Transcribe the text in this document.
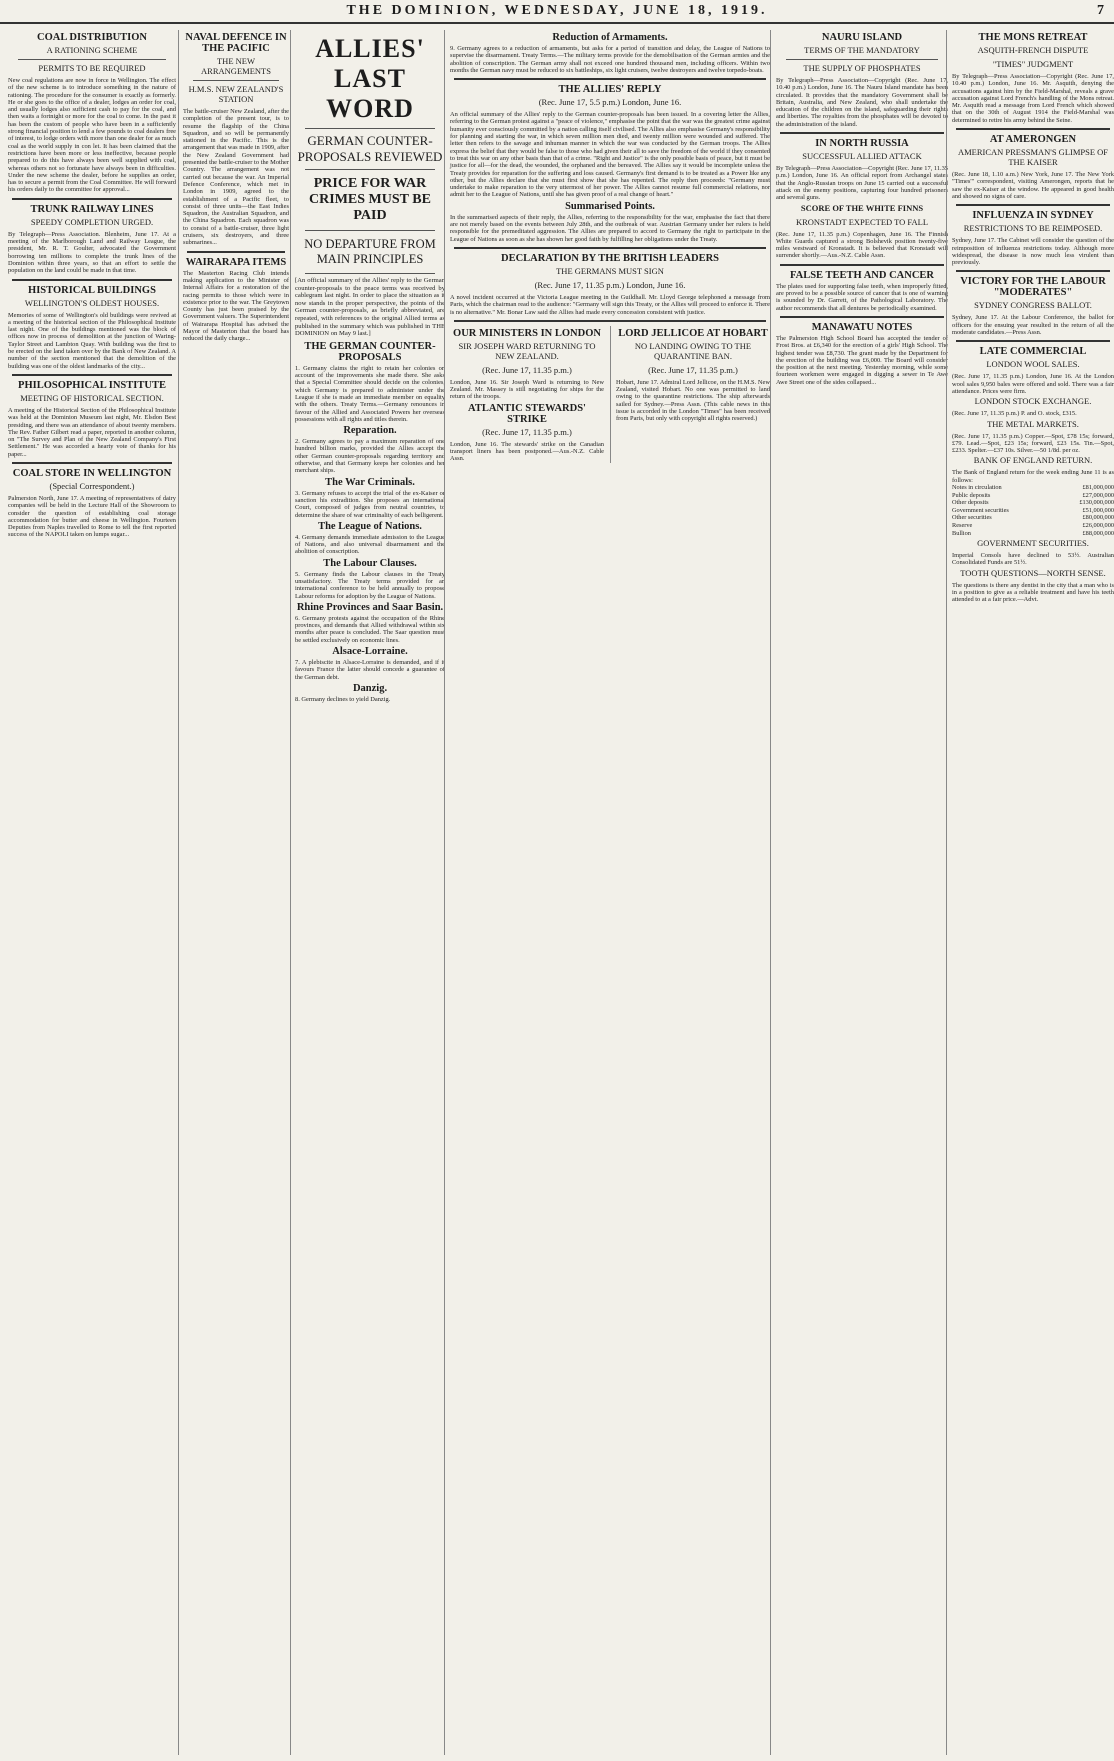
THE DOMINION, WEDNESDAY, JUNE 18, 1919.	7
COAL DISTRIBUTION
A RATIONING SCHEME
PERMITS TO BE REQUIRED

New coal regulations are now in force in Wellington. The effect of the new scheme is to introduce something in the nature of rationing. The procedure for the consumer is exactly as formerly. He or she goes to the office of a dealer, lodges an order for coal, and usually lodges also sufficient cash to pay for the coal, and then waits a fortnight or more for the coal to come. In the past it has been the custom of people who have been in a sufficiently strong financial position to lend a few pounds to coal dealers free of interest, to lodge orders with more than one dealer for as much coal as the world supply in con let. It has been claimed that the restrictions have been more or less ineffective, because people prepared to do this have always been well supplied with coal, whereas others not so fortunate have always been in difficulties. Under the new scheme the dealer, before he supplies an order, has to secure a permit from the Coal Committee. He will forward his orders daily to the committee for approval...

TRUNK RAILWAY LINES
SPEEDY COMPLETION URGED.

By Telegraph—Press Association. Blenheim, June 17. At a meeting of the Marlborough Land and Railway League, the president, Mr. R. T. Goulter, advocated the Government borrowing ten millions to complete the trunk lines of the Dominion within three years, so that an effort to settle the population on the land could be made in that time.

HISTORICAL BUILDINGS
WELLINGTON'S OLDEST HOUSES.

Memories of some of Wellington's old buildings were revived at a meeting of the historical section of the Philosophical Institute last night. One of the buildings mentioned was the block of offices now in process of demolition at the junction of Waring-Taylor Street and Lambton Quay. With building was the first to be erected on the land taken over by the Bank of New Zealand. A number of the section mentioned that the demolition of the building was one of the oldest landmarks of the city...

PHILOSOPHICAL INSTITUTE
MEETING OF HISTORICAL SECTION.

A meeting of the Historical Section of the Philosophical Institute was held at the Dominion Museum last night, Mr. Elsdon Best presiding, and there was an attendance of about twenty members. The Rev. Father Gilbert read a paper, reported in another column, on "The Survey and Plan of the New Zealand Company's First Settlement." He was accorded a hearty vote of thanks for his paper...

COAL STORE IN WELLINGTON
(Special Correspondent.)

Palmerston North, June 17. A meeting of representatives of dairy companies will be held in the Lecture Hall of the Showroom to consider the question of establishing coal storage accommodation for butter and cheese in Wellington. Fourteen Deputies from Naples travelled to Rome to tell the first reported success of the NAPOLI taken on lumps sugar...

NAVAL DEFENCE IN THE PACIFIC
THE NEW ARRANGEMENTS
H.M.S. NEW ZEALAND'S STATION

The battle-cruiser New Zealand, after the completion of the present tour, is to resume the flagship of the China Squadron, and so will be permanently stationed in the Pacific. This is the arrangement that was made in 1909, after the New Zealand Government had presented the battle-cruiser to the Mother Country. The arrangement was not carried out because the war. An Imperial Defence Conference, which met in London in 1909, agreed to the establishment of a Pacific fleet, to consist of three units—the East Indies Squadron, the Australian Squadron, and the China Squadron. Each squadron was to consist of a battle-cruiser, three light cruisers, six destroyers, and three submarines...

WAIRARAPA ITEMS

The Masterton Racing Club intends making application to the Minister of Internal Affairs for a restoration of the racing permits to those which were in existence prior to the war. The Greytown County has just been praised by the Government valuers. The Superintendent of Wairarapa Hospital has advised the Mayor of Masterton that the board has reduced the daily charge...

ALLIES' LAST WORD
GERMAN COUNTER-PROPOSALS REVIEWED
PRICE FOR WAR CRIMES MUST BE PAID
NO DEPARTURE FROM MAIN PRINCIPLES

[An official summary of the Allies' reply to the German counter-proposals to the peace terms was received by cablegram last night. In order to place the situation as it now stands in the proper perspective, the points of the German counter-proposals, as briefly abbreviated, are repeated, with references to the original Allied terms as published in the summary which was published in THE DOMINION on May 9 last.]

THE GERMAN COUNTER-PROPOSALS

1. Germany claims the right to retain her colonies on account of the improvements she made there. She asks that a Special Committee should decide on the colonies, which Germany is prepared to administer under the League if she is made an immediate member on equality with the others. Treaty Terms.—Germany renounces in favour of the Allied and Associated Powers her overseas possessions with all rights and titles therein.

Reparation.

2. Germany agrees to pay a maximum reparation of one hundred billion marks, provided the Allies accept the other German counter-proposals regarding territory and otherwise, and that Germany keeps her colonies and her merchant ships.

The War Criminals.

3. Germany refuses to accept the trial of the ex-Kaiser or sanction his extradition. She proposes an international Court, composed of judges from neutral countries, to determine the share of war criminality of each belligerent.

The League of Nations.

4. Germany demands immediate admission to the League of Nations, and also universal disarmament and the abolition of conscription.

The Labour Clauses.

5. Germany finds the Labour clauses in the Treaty unsatisfactory. The Treaty terms provided for an international conference to be held annually to propose Labour reforms for adoption by the League of Nations.

Rhine Provinces and Saar Basin.

6. Germany protests against the occupation of the Rhine provinces, and demands that Allied withdrawal within six months after peace is concluded. The Saar question must be settled exclusively on economic lines.

Alsace-Lorraine.

7. A plebiscite in Alsace-Lorraine is demanded, and if it favours France the latter should concede a guarantee of the German debt.

Danzig.

8. Germany declines to yield Danzig.

Reduction of Armaments.

9. Germany agrees to a reduction of armaments, but asks for a period of transition and delay, the League of Nations to supervise the disarmament. Treaty Terms.—The military terms provide for the demobilisation of the German armies and the abolition of conscription. The German army shall not exceed one hundred thousand men, including officers. Within two months the German navy must be reduced to six battleships, six light cruisers, twelve destroyers and twelve torpedo-boats.

THE ALLIES' REPLY
(Rec. June 17, 5.5 p.m.) London, June 16.

An official summary of the Allies' reply to the German counter-proposals has been issued. In a covering letter the Allies, referring to the German protest against a "peace of violence," emphasise the point that the war was the greatest crime against humanity ever consciously committed by a nation calling itself civilised. The Allies also emphasise Germany's responsibility for planning and starting the war, in which seven million men died, and twenty million were wounded and suffered. The letter then refers to the savage and inhuman manner in which the war was conducted by the German troops. The Allies express the belief that they would be false to those who had given their all to save the freedom of the world if they consented to treat this war on any other basis than that of a crime. "Right and Justice" is the only possible basis of peace, but it must be justice for all—for the dead, the wounded, the orphaned and the bereaved. The Allies say it would be incomplete unless the Treaty provides for reparation for the suffering and loss caused. Germany's first demand is to be treated as a Power like any other, but the Allies declare that she must first show that she has repented. The reply then proceeds: "Germany must undertake to make reparation to the very uttermost of her power. The Allies cannot resume full commercial relations, nor admit her to the League of Nations, until she has given proof of a real change of heart."

Summarised Points.

In the summarised aspects of their reply, the Allies, referring to the responsibility for the war, emphasise the fact that there are not merely based on the events between July 28th, and the outbreak of war. Austrian Germany under her rulers is held responsible for the premeditated aggression. The Allies are prepared to accord to Germany the right to participate in the League of Nations as soon as she has shown her good faith by fulfilling her obligations under the Treaty.

DECLARATION BY THE BRITISH LEADERS
THE GERMANS MUST SIGN
(Rec. June 17, 11.35 p.m.) London, June 16.

A novel incident occurred at the Victoria League meeting in the Guildhall. Mr. Lloyd George telephoned a message from Paris, which the chairman read to the audience: "Germany will sign this Treaty, or the Allies will proceed to enforce it. There is no alternative." Mr. Bonar Law said the Allies had made every concession consistent with justice.

OUR MINISTERS IN LONDON
SIR JOSEPH WARD RETURNING TO NEW ZEALAND.
(Rec. June 17, 11.35 p.m.)

London, June 16. Sir Joseph Ward is returning to New Zealand. Mr. Massey is still negotiating for ships for the return of the troops.

ATLANTIC STEWARDS' STRIKE
(Rec. June 17, 11.35 p.m.)

London, June 16. The stewards' strike on the Canadian transport liners has been postponed.—Aus.-N.Z. Cable Assn.

LORD JELLICOE AT HOBART
NO LANDING OWING TO THE QUARANTINE BAN.
(Rec. June 17, 11.35 p.m.)

Hobart, June 17. Admiral Lord Jellicoe, on the H.M.S. New Zealand, visited Hobart. No one was permitted to land owing to the quarantine restrictions. The ship afterwards sailed for Sydney.—Press Assn. (This cable news in this issue is accorded in the London "Times" has been received from Paris, but only with copyright all rights reserved.)

NAURU ISLAND
TERMS OF THE MANDATORY
THE SUPPLY OF PHOSPHATES

By Telegraph—Press Association—Copyright (Rec. June 17, 10.40 p.m.) London, June 16. The Nauru Island mandate has been circulated. It provides that the mandatory Government shall be Britain, Australia, and New Zealand, who shall undertake the education of the children on the island, safeguarding their rights and liberties. The royalties from the phosphates will be devoted to the administration of the island.

IN NORTH RUSSIA
SUCCESSFUL ALLIED ATTACK

By Telegraph—Press Association—Copyright (Rec. June 17, 11.35 p.m.) London, June 16. An official report from Archangel states that the Anglo-Russian troops on June 15 carried out a successful attack on the enemy positions, capturing four hundred prisoners and several guns.

SCORE OF THE WHITE FINNS
KRONSTADT EXPECTED TO FALL

(Rec. June 17, 11.35 p.m.) Copenhagen, June 16. The Finnish White Guards captured a strong Bolshevik position twenty-five miles westward of Kronstadt. It is believed that Kronstadt will surrender shortly.—Aus.-N.Z. Cable Assn.

FALSE TEETH AND CANCER

The plates used for supporting false teeth, when improperly fitted, are proved to be a possible source of cancer that is one of warning is sounded by Dr. Garrett, of the Pathological Laboratory. The author recommends that all dentures be periodically examined.

MANAWATU NOTES

The Palmerston High School Board has accepted the tender of Frost Bros. at £6,340 for the erection of a girls' High School. The highest tender was £8,730. The grant made by the Department for the erection of the building was £6,000. The Board will consider the position at the next meeting. Yesterday morning, while some fourteen workmen were engaged in digging a sewer in Te Awe Awe Street one of the sides collapsed...

THE MONS RETREAT
ASQUITH-FRENCH DISPUTE
"TIMES" JUDGMENT

By Telegraph—Press Association—Copyright (Rec. June 17, 10.40 p.m.) London, June 16. Mr. Asquith, denying the accusations against him by the Field-Marshal, reveals a grave accusation against Lord French's handling of the Mons retreat. Mr. Asquith read a message from Lord French which showed that on the 30th of August 1914 the Field-Marshal was determined to retire his army behind the Seine.

AT AMERONGEN
AMERICAN PRESSMAN'S GLIMPSE OF THE KAISER

(Rec. June 18, 1.10 a.m.) New York, June 17. The New York "Times'" correspondent, visiting Amerongen, reports that he saw the ex-Kaiser at the window. He appeared in good health and showed no signs of care.

INFLUENZA IN SYDNEY
RESTRICTIONS TO BE REIMPOSED.

Sydney, June 17. The Cabinet will consider the question of the reimposition of influenza restrictions today. Although more widespread, the disease is now much less virulent than previously.

VICTORY FOR THE LABOUR "MODERATES"
SYDNEY CONGRESS BALLOT.

Sydney, June 17. At the Labour Conference, the ballot for officers for the ensuing year resulted in the return of all the moderate candidates.—Press Assn.

LATE COMMERCIAL
LONDON WOOL SALES.

(Rec. June 17, 11.35 p.m.) London, June 16. At the London wool sales 9,950 bales were offered and sold. There was a fair attendance. Prices were firm.

LONDON STOCK EXCHANGE.

(Rec. June 17, 11.35 p.m.) P. and O. stock, £315.

THE METAL MARKETS.

(Rec. June 17, 11.35 p.m.) Copper.—Spot, £78 15s; forward, £79. Lead.—Spot, £23 15s; forward, £23 15s. Tin.—Spot, £233. Spelter.—£37 10s. Silver.—50 1/8d. per oz.

BANK OF ENGLAND RETURN.

The Bank of England return for the week ending June 11 is as follows:

Notes in circulation	£81,000,000
Public deposits	£27,000,000
Other deposits	£130,000,000
Government securities	£51,000,000
Other securities	£80,000,000
Reserve	£26,000,000
Bullion	£88,000,000
GOVERNMENT SECURITIES.

Imperial Consols have declined to 53½. Australian Consolidated Funds are 51½.

TOOTH QUESTIONS—NORTH SENSE.

The questions is there any dentist in the city that a man who is in a position to give as a reliable treatment and have his teeth attended to at a fair price.—Advt.
